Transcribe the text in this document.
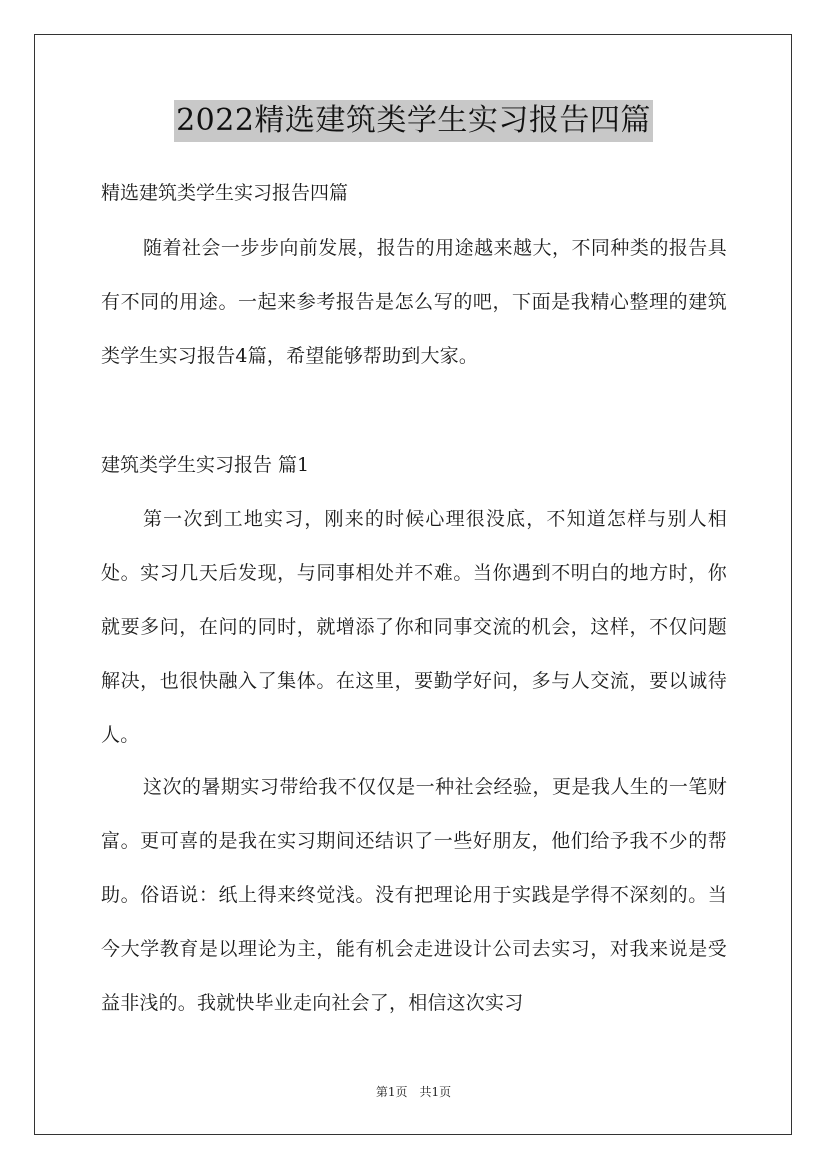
2022精选建筑类学生实习报告四篇

精选建筑类学生实习报告四篇

随着社会一步步向前发展，报告的用途越来越大，不同种类的报告具有不同的用途。一起来参考报告是怎么写的吧，下面是我精心整理的建筑类学生实习报告4篇，希望能够帮助到大家。

建筑类学生实习报告 篇1

第一次到工地实习，刚来的时候心理很没底，不知道怎样与别人相处。实习几天后发现，与同事相处并不难。当你遇到不明白的地方时，你就要多问，在问的同时，就增添了你和同事交流的机会，这样，不仅问题解决，也很快融入了集体。在这里，要勤学好问，多与人交流，要以诚待人。

这次的暑期实习带给我不仅仅是一种社会经验，更是我人生的一笔财富。更可喜的是我在实习期间还结识了一些好朋友，他们给予我不少的帮助。俗语说：纸上得来终觉浅。没有把理论用于实践是学得不深刻的。当今大学教育是以理论为主，能有机会走进设计公司去实习，对我来说是受益非浅的。我就快毕业走向社会了，相信这次实习

第1页　共1页
